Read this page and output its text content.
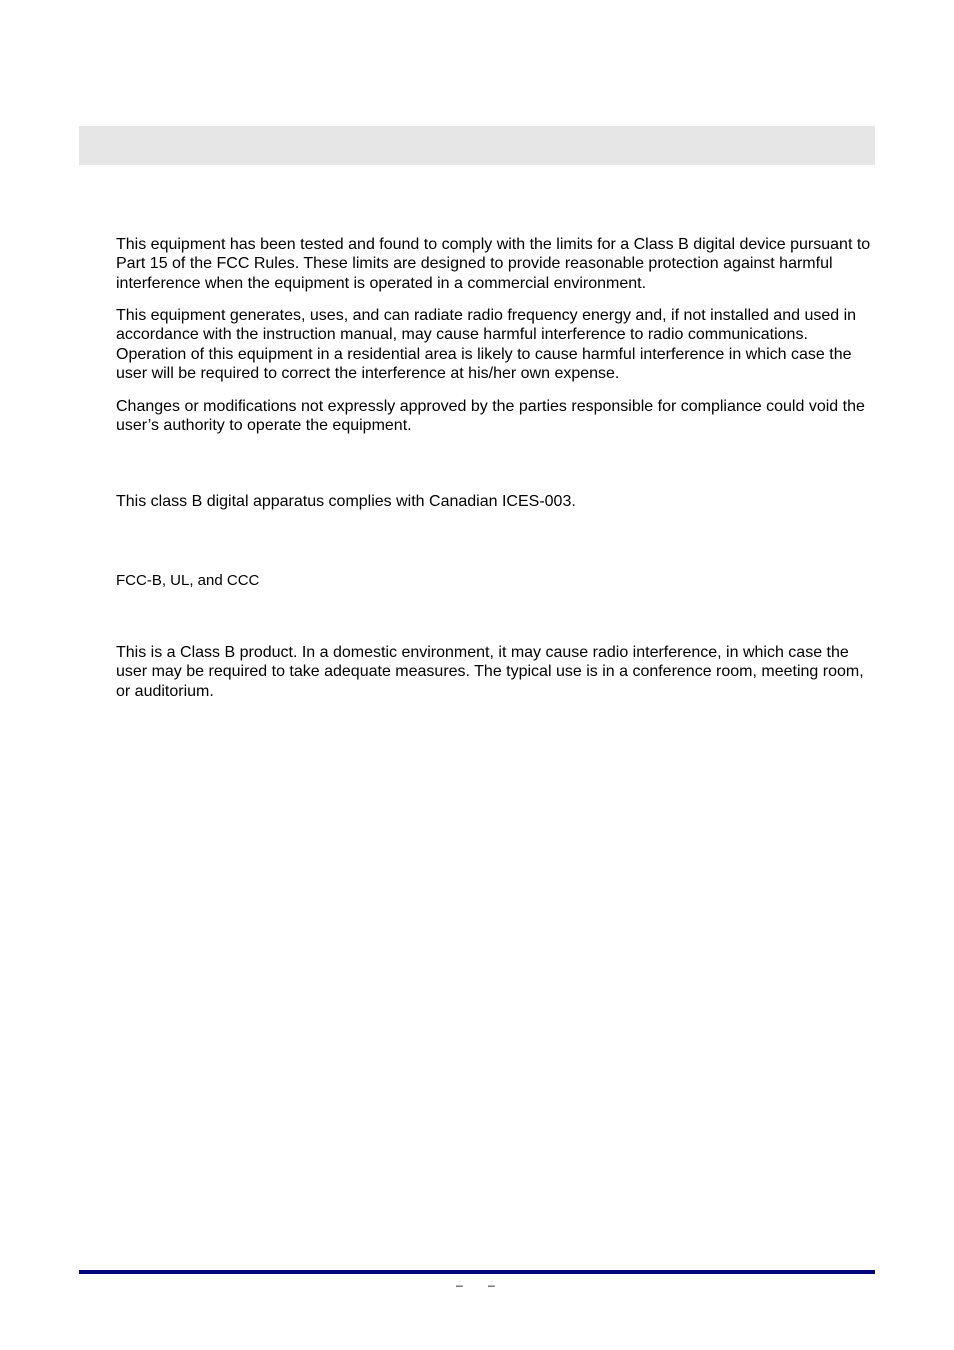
This equipment has been tested and found to comply with the limits for a Class B digital device pursuant to Part 15 of the FCC Rules. These limits are designed to provide reasonable protection against harmful interference when the equipment is operated in a commercial environment.

This equipment generates, uses, and can radiate radio frequency energy and, if not installed and used in accordance with the instruction manual, may cause harmful interference to radio communications. Operation of this equipment in a residential area is likely to cause harmful interference in which case the user will be required to correct the interference at his/her own expense.

Changes or modifications not expressly approved by the parties responsible for compliance could void the user’s authority to operate the equipment.

This class B digital apparatus complies with Canadian ICES-003.

FCC-B, UL, and CCC

This is a Class B product. In a domestic environment, it may cause radio interference, in which case the user may be required to take adequate measures. The typical use is in a conference room, meeting room, or auditorium.

– –
